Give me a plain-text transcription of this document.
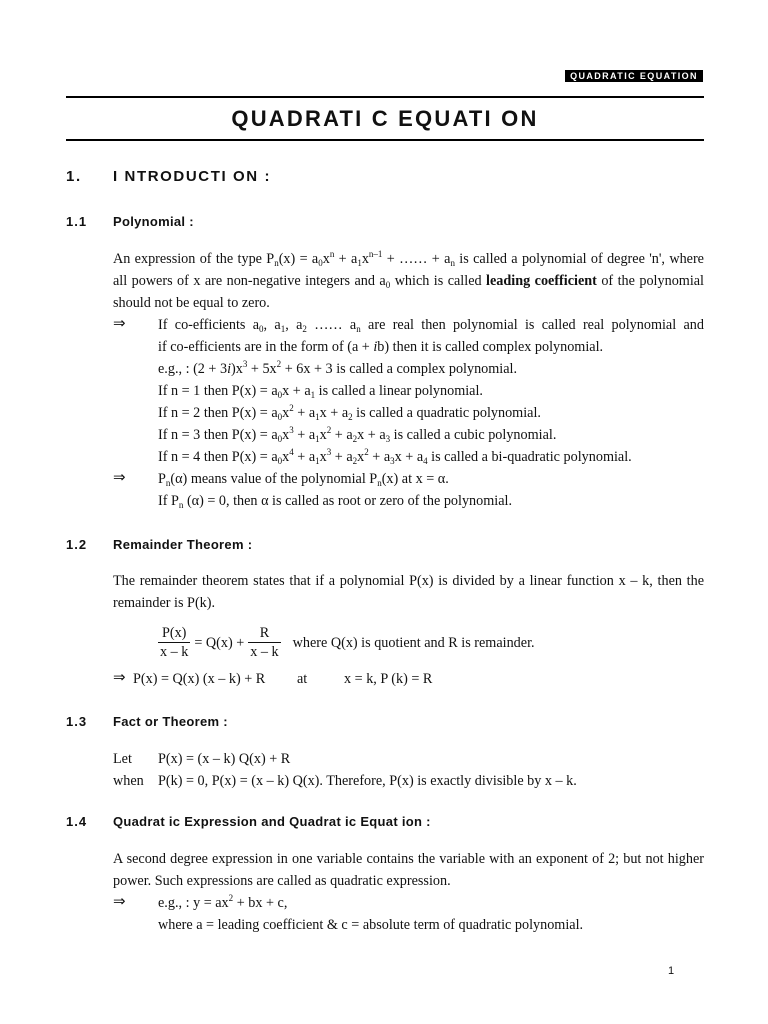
QUADRATIC EQUATION
QUADRATI C EQUATI ON
1. I NTRODUCTI ON :
1.1 Polynomial :
An expression of the type $P_n(x) = a_0x^n + a_1x^{n-1}$ + …… + $a_n$ is called a polynomial of degree 'n', where
all powers of x are non-negative integers and $a_0$ which is called leading coefficient of the polynomial
should not be equal to zero.
⇒ If co-efficients $a_0$, $a_1$, $a_2$ …… $a_n$ are real then polynomial is called real polynomial and
if co-efficients are in the form of (a + ib) then it is called complex polynomial.
e.g., : $(2 + 3i)x^3 + 5x^2 + 6x + 3$ is called a complex polynomial.
If n = 1 then $P(x) = a_0x + a_1$ is called a linear polynomial.
If n = 2 then $P(x) = a_0x^2 + a_1x + a_2$ is called a quadratic polynomial.
If n = 3 then $P(x) = a_0x^3 + a_1x^2 + a_2x + a_3$ is called a cubic polynomial.
If n = 4 then $P(x) = a_0x^4 + a_1x^3 + a_2x^2 + a_3x + a_4$ is called a bi-quadratic polynomial.
⇒ $P_n(\alpha)$ means value of the polynomial $P_n(x)$ at x = α.
If $P_n$ (α) = 0, then α is called as root or zero of the polynomial.
1.2 Remainder Theorem :
The remainder theorem states that if a polynomial P(x) is divided by a linear function x – k, then the
remainder is P(k).
$\frac{P(x)}{x - k} = Q(x) + \frac{R}{x - k}$ where Q(x) is quotient and R is remainder.
⇒ P(x) = Q(x) (x – k) + R at	x = k, P (k) = R
1.3 Fact or Theorem :
Let P(x) = (x – k) Q(x) + R
when P(k) = 0, P(x) = (x – k) Q(x). Therefore, P(x) is exactly divisible by x – k.
1.4 Quadrat ic Expression and Quadrat ic Equat ion :
A second degree expression in one variable contains the variable with an exponent of 2; but not higher
power. Such expressions are called as quadratic expression.
⇒ e.g., : $y = ax^2$ + bx + c,
where a = leading coefficient & c = absolute term of quadratic polynomial.
1
